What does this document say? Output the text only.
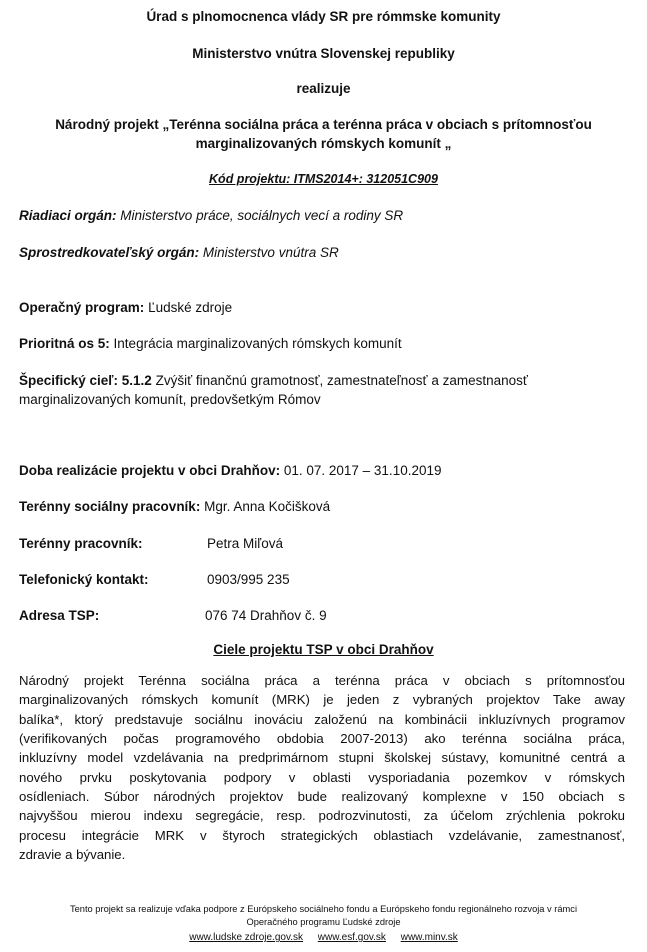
Úrad s plnomocnenca vlády SR pre rómmske komunity
Ministerstvo vnútra Slovenskej republiky
realizuje
Národný projekt „Terénna sociálna práca a terénna práca v obciach s prítomnosťou
marginalizovaných rómskych komunít „
Kód projektu: ITMS2014+: 312051C909
Riadiaci orgán: Ministerstvo práce, sociálnych vecí a rodiny SR
Sprostredkovateľský orgán: Ministerstvo vnútra SR
Operačný program: Ľudské zdroje
Prioritná os 5: Integrácia marginalizovaných rómskych komunít
Špecifický cieľ: 5.1.2 Zvýšiť finančnú gramotnosť, zamestnateľnosť a zamestnanosť
marginalizovaných komunít, predovšetkým Rómov
Doba realizácie projektu v obci Drahňov: 01. 07. 2017 – 31.10.2019
Terénny sociálny pracovník: Mgr. Anna Kočišková
Terénny pracovník:	Petra Miľová
Telefonický kontakt:	0903/995 235
Adresa TSP:	076 74 Drahňov č. 9
Ciele projektu TSP v obci Drahňov
Národný projekt Terénna sociálna práca a terénna práca v obciach s prítomnosťou
marginalizovaných rómskych komunít (MRK) je jeden z vybraných projektov Take away
balíka*, ktorý predstavuje sociálnu inováciu založenú na kombinácii inkluzívnych programov
(verifikovaných počas programového obdobia 2007-2013) ako terénna sociálna práca,
inkluzívny model vzdelávania na predprimárnom stupni školskej sústavy, komunitné centrá a
nového prvku poskytovania podpory v oblasti vysporiadania pozemkov v rómskych
osídleniach. Súbor národných projektov bude realizovaný komplexne v 150 obciach s
najvyššou mierou indexu segregácie, resp. podrozvinutosti, za účelom zrýchlenia pokroku
procesu integrácie MRK v štyroch strategických oblastiach vzdelávanie, zamestnanosť,
zdravie a bývanie.
Tento projekt sa realizuje vďaka podpore z Európskeho sociálneho fondu a Európskeho fondu regionálneho rozvoja v rámci
Operačného programu Ľudské zdroje
www.ludske zdroje.gov.sk www.esf.gov.sk www.minv.sk
